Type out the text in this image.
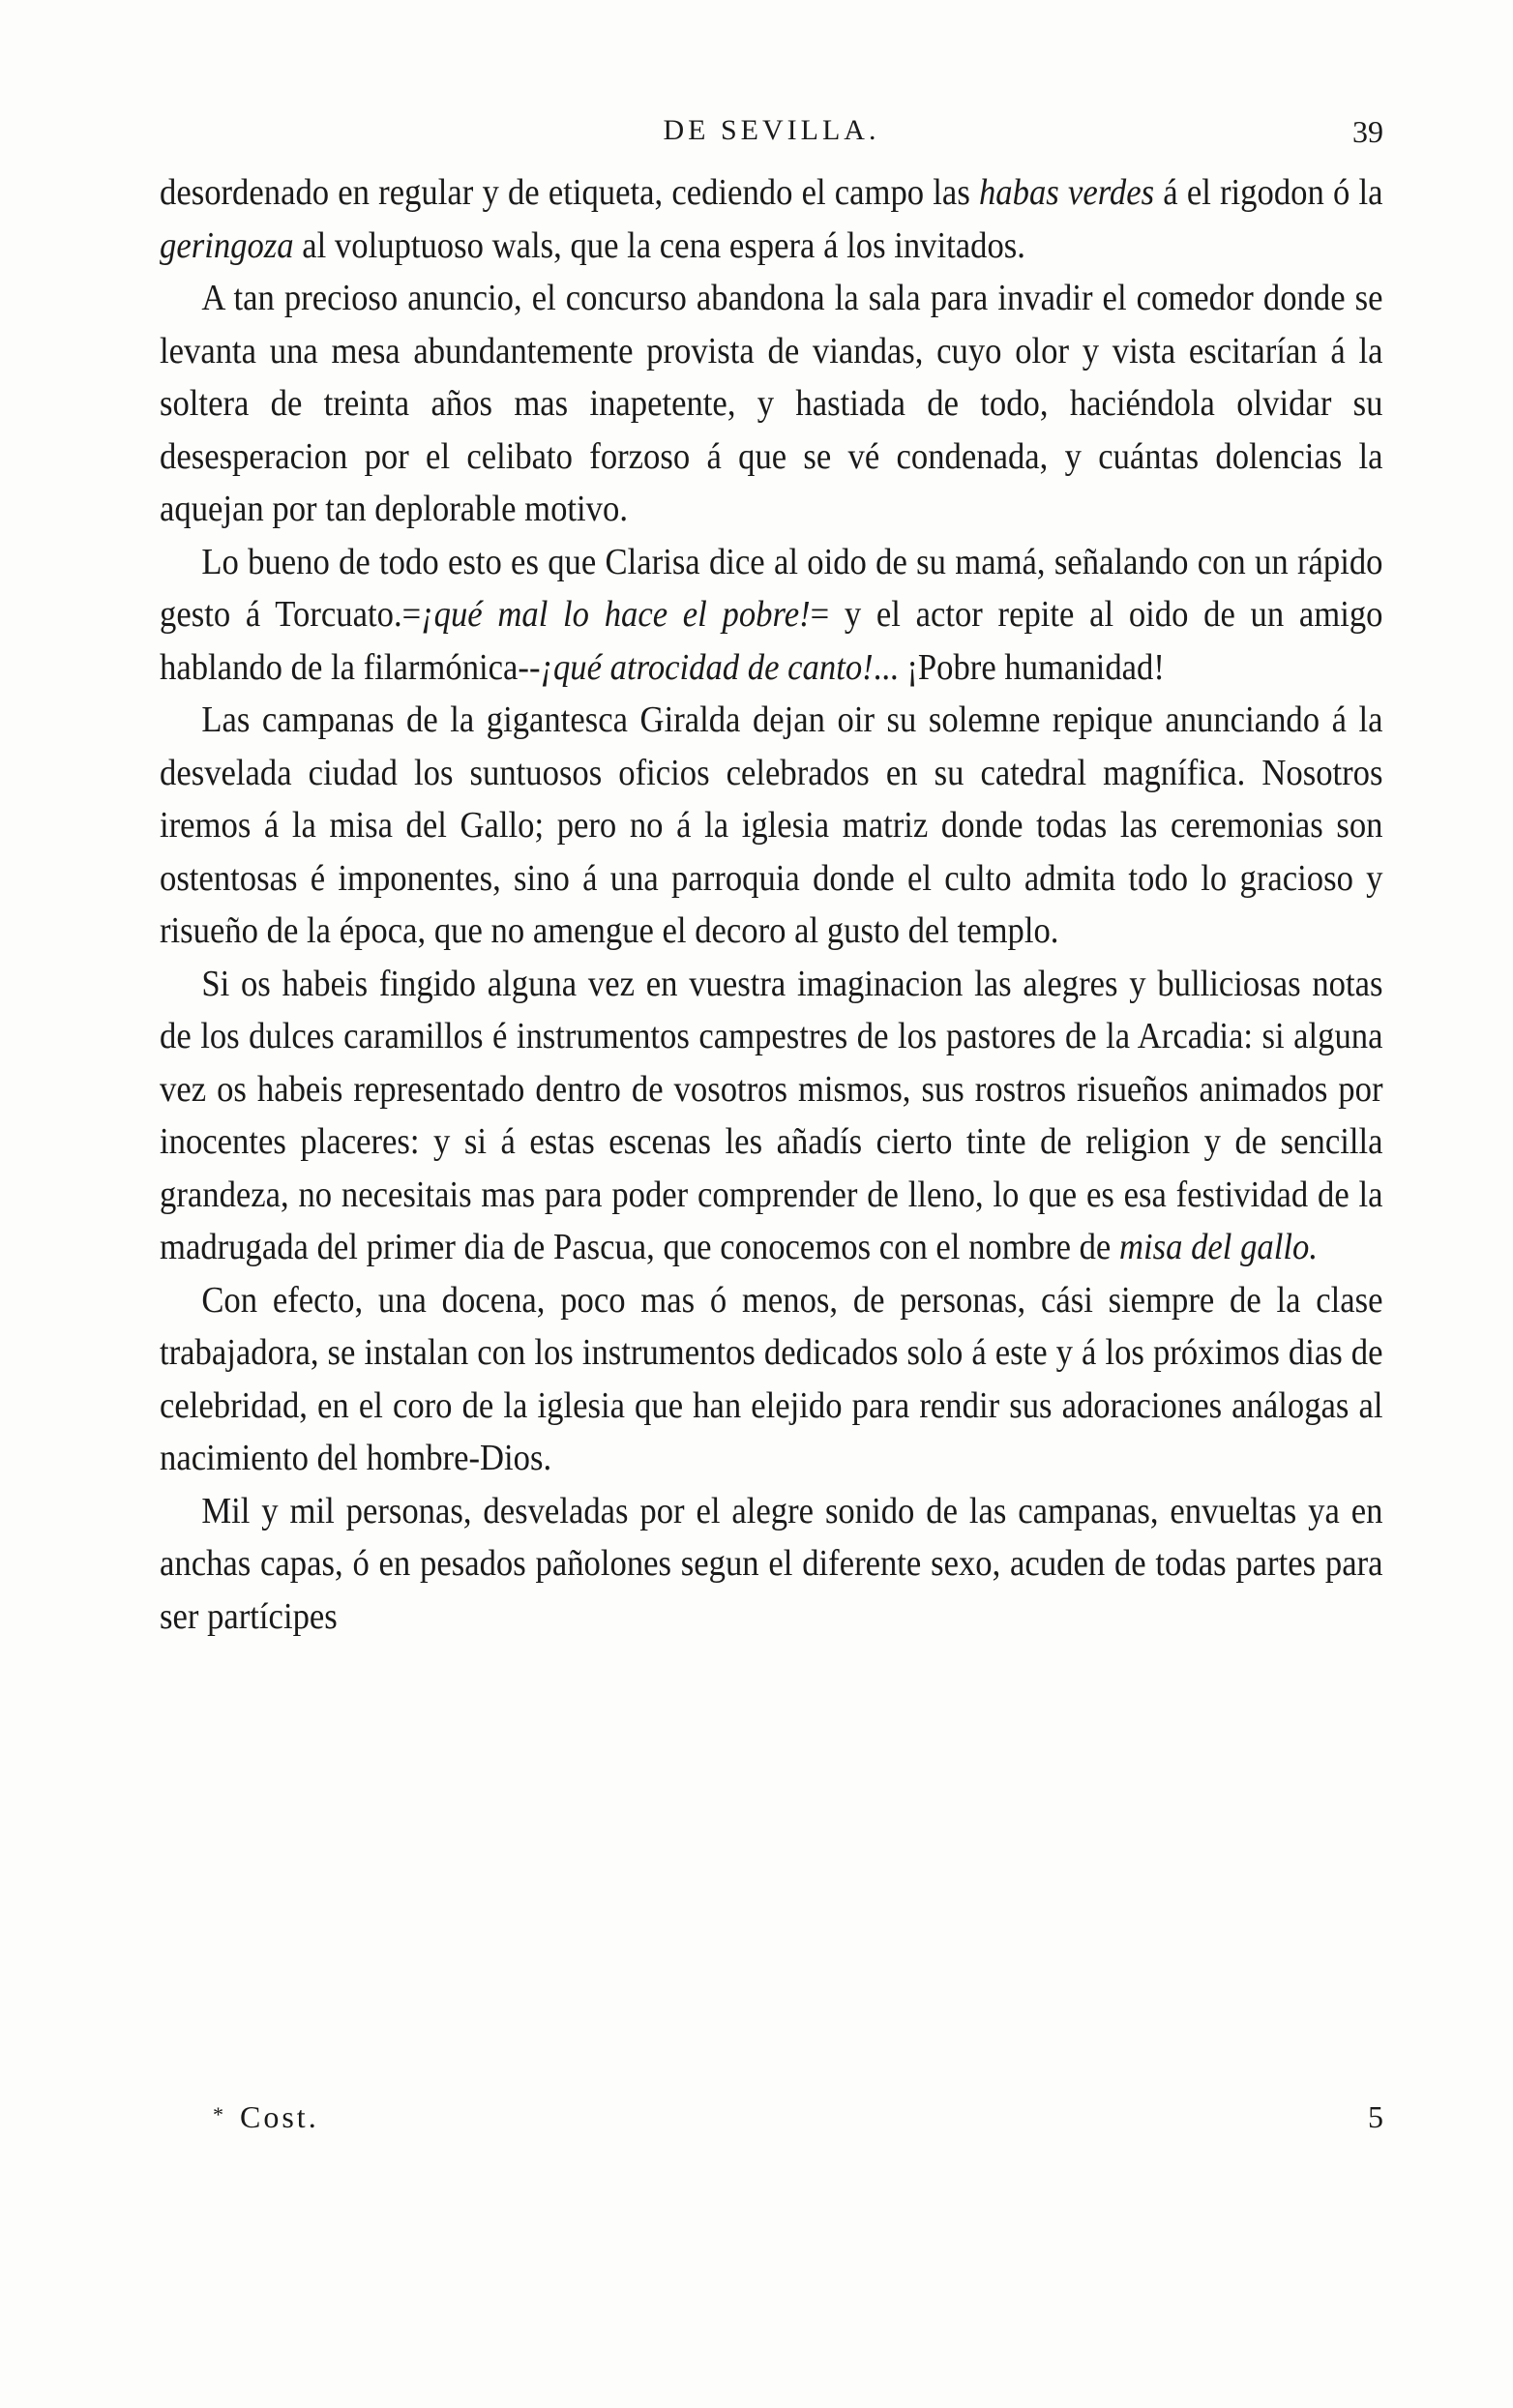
DE SEVILLA.	39

desordenado en regular y de etiqueta, cediendo el campo las habas verdes á el rigodon ó la geringoza al voluptuoso wals, que la cena espera á los invitados.

A tan precioso anuncio, el concurso abandona la sala para invadir el comedor donde se levanta una mesa abundantemente provista de viandas, cuyo olor y vista escitarían á la soltera de treinta años mas inapetente, y hastiada de todo, haciéndola olvidar su desesperacion por el celibato forzoso á que se vé condenada, y cuántas dolencias la aquejan por tan deplorable motivo.

Lo bueno de todo esto es que Clarisa dice al oido de su mamá, señalando con un rápido gesto á Torcuato.=¡qué mal lo hace el pobre!= y el actor repite al oido de un amigo hablando de la filarmónica--¡qué atrocidad de canto!... ¡Pobre humanidad!

Las campanas de la gigantesca Giralda dejan oir su solemne repique anunciando á la desvelada ciudad los suntuosos oficios celebrados en su catedral magnífica. Nosotros iremos á la misa del Gallo; pero no á la iglesia matriz donde todas las ceremonias son ostentosas é imponentes, sino á una parroquia donde el culto admita todo lo gracioso y risueño de la época, que no amengue el decoro al gusto del templo.

Si os habeis fingido alguna vez en vuestra imaginacion las alegres y bulliciosas notas de los dulces caramillos é instrumentos campestres de los pastores de la Arcadia: si alguna vez os habeis representado dentro de vosotros mismos, sus rostros risueños animados por inocentes placeres: y si á estas escenas les añadís cierto tinte de religion y de sencilla grandeza, no necesitais mas para poder comprender de lleno, lo que es esa festividad de la madrugada del primer dia de Pascua, que conocemos con el nombre de misa del gallo.

Con efecto, una docena, poco mas ó menos, de personas, cási siempre de la clase trabajadora, se instalan con los instrumentos dedicados solo á este y á los próximos dias de celebridad, en el coro de la iglesia que han elejido para rendir sus adoraciones análogas al nacimiento del hombre-Dios.

Mil y mil personas, desveladas por el alegre sonido de las campanas, envueltas ya en anchas capas, ó en pesados pañolones segun el diferente sexo, acuden de todas partes para ser partícipes

* Cost.	5
